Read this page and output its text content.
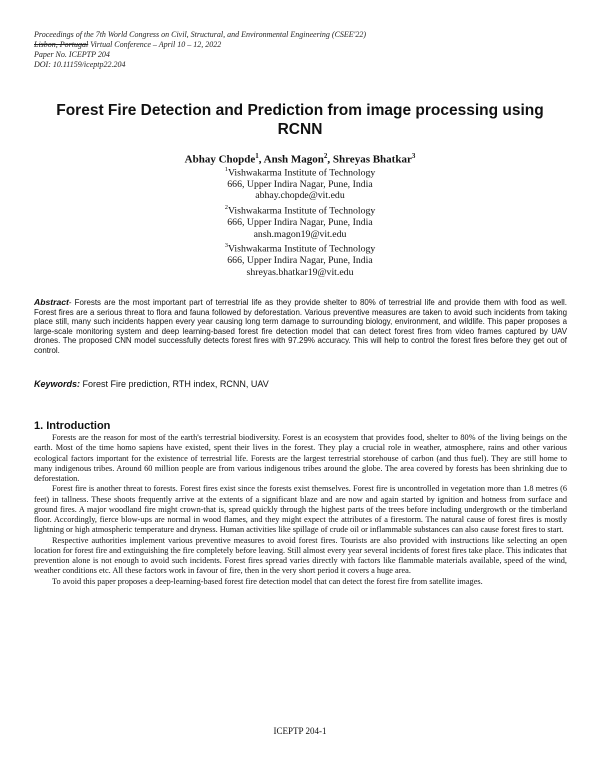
Proceedings of the 7th World Congress on Civil, Structural, and Environmental Engineering (CSEE'22)
Lisbon, Portugal Virtual Conference – April 10 – 12, 2022
Paper No. ICEPTP 204
DOI: 10.11159/iceptp22.204
Forest Fire Detection and Prediction from image processing using RCNN
Abhay Chopde$^1$, Ansh Magon$^2$, Shreyas Bhatkar$^3$
$^1$Vishwakarma Institute of Technology
666, Upper Indira Nagar, Pune, India
abhay.chopde@vit.edu
$^2$Vishwakarma Institute of Technology
666, Upper Indira Nagar, Pune, India
ansh.magon19@vit.edu
$^3$Vishwakarma Institute of Technology
666, Upper Indira Nagar, Pune, India
shreyas.bhatkar19@vit.edu
Abstract- Forests are the most important part of terrestrial life as they provide shelter to 80% of terrestrial life and provide them with food as well. Forest fires are a serious threat to flora and fauna followed by deforestation. Various preventive measures are taken to avoid such incidents from taking place still, many such incidents happen every year causing long term damage to surrounding biology, environment, and wildlife. This paper proposes a large-scale monitoring system and deep learning-based forest fire detection model that can detect forest fires from video frames captured by UAV drones. The proposed CNN model successfully detects forest fires with 97.29% accuracy. This will help to control the forest fires before they get out of control.
Keywords: Forest Fire prediction, RTH index, RCNN, UAV
1. Introduction

Forests are the reason for most of the earth's terrestrial biodiversity. Forest is an ecosystem that provides food, shelter to 80% of the living beings on the earth. Most of the time homo sapiens have existed, spent their lives in the forest. They play a crucial role in weather, atmosphere, rains and other various ecological factors important for the existence of terrestrial life. Forests are the largest terrestrial storehouse of carbon (and thus fuel). They are still home to many indigenous tribes. Around 60 million people are from various indigenous tribes around the globe. The area covered by forests has been shrinking due to deforestation.

Forest fire is another threat to forests. Forest fires exist since the forests exist themselves. Forest fire is uncontrolled in vegetation more than 1.8 metres (6 feet) in tallness. These shoots frequently arrive at the extents of a significant blaze and are now and again started by ignition and hotness from surface and ground fires. A major woodland fire might crown-that is, spread quickly through the highest parts of the trees before including undergrowth or the timberland floor. Accordingly, fierce blow-ups are normal in wood flames, and they might expect the attributes of a firestorm. The natural cause of forest fires is mostly lightning or high atmospheric temperature and dryness. Human activities like spillage of crude oil or inflammable substances can also cause forest fires to start.

Respective authorities implement various preventive measures to avoid forest fires. Tourists are also provided with instructions like selecting an open location for forest fire and extinguishing the fire completely before leaving. Still almost every year several incidents of forest fires take place. This indicates that prevention alone is not enough to avoid such incidents. Forest fires spread varies directly with factors like flammable materials available, speed of the wind, weather conditions etc. All these factors work in favour of fire, then in the very short period it covers a huge area.

To avoid this paper proposes a deep-learning-based forest fire detection model that can detect the forest fire from satellite images.

ICEPTP 204-1
